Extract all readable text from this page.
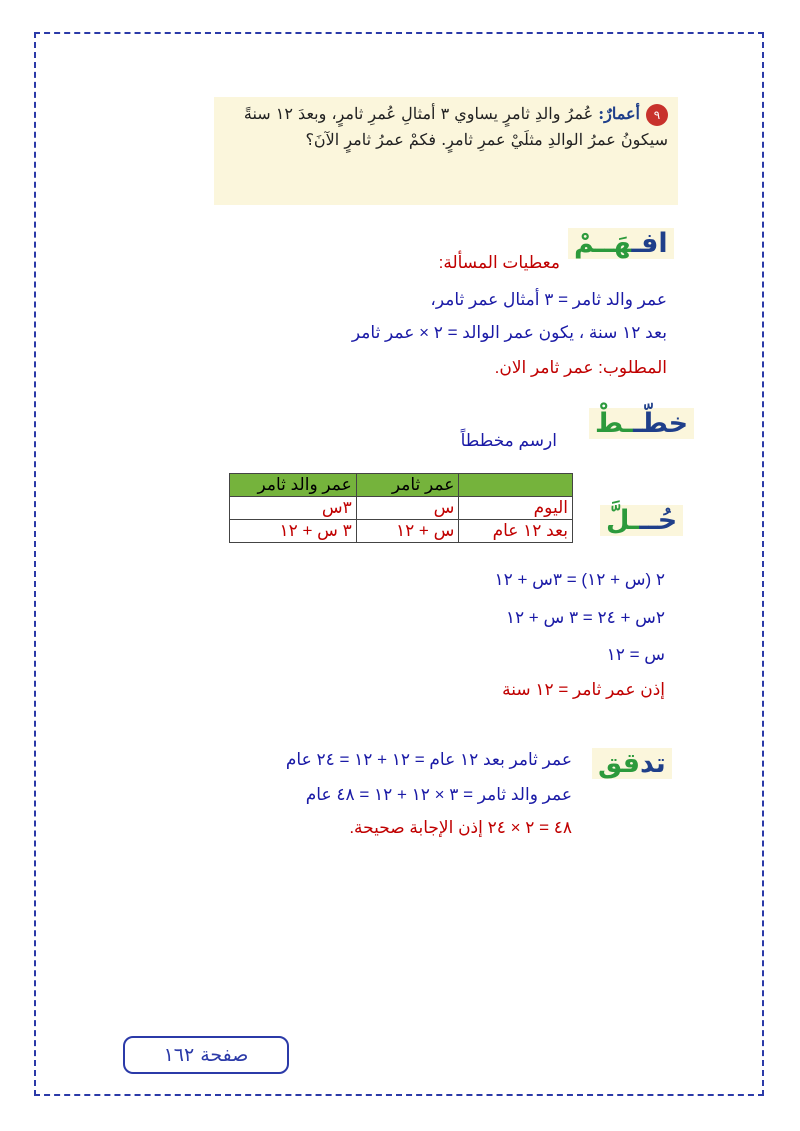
٩أعمارٌ: عُمرُ والدِ ثامرٍ يساوي ٣ أمثالِ عُمرِ ثامرٍ، وبعدَ ١٢ سنةً سيكونُ عمرُ الوالدِ مثلَيْ عمرِ ثامرٍ. فكمْ عمرُ ثامرٍ الآنَ؟
افـهَــمْ
معطيات المسألة:
عمر والد ثامر = ٣ أمثال عمر ثامر،
بعد ١٢ سنة ، يكون عمر الوالد = ٢ × عمر ثامر
المطلوب: عمر ثامر الان.
خطّــطْ
ارسم مخططاً
حُـــلَّ
	عمر ثامر	عمر والد ثامر
اليوم	س	٣س
بعد ١٢ عام	س + ١٢	٣ س + ١٢
٢ (س + ١٢) = ٣س + ١٢
٢س + ٢٤ = ٣ س + ١٢
س = ١٢
إذن عمر ثامر = ١٢ سنة
تدقق
عمر ثامر بعد ١٢ عام = ١٢ + ١٢ = ٢٤ عام
عمر والد ثامر = ٣ × ١٢ + ١٢ = ٤٨ عام
٤٨ = ٢ × ٢٤ إذن الإجابة صحيحة.
صفحة ١٦٢
